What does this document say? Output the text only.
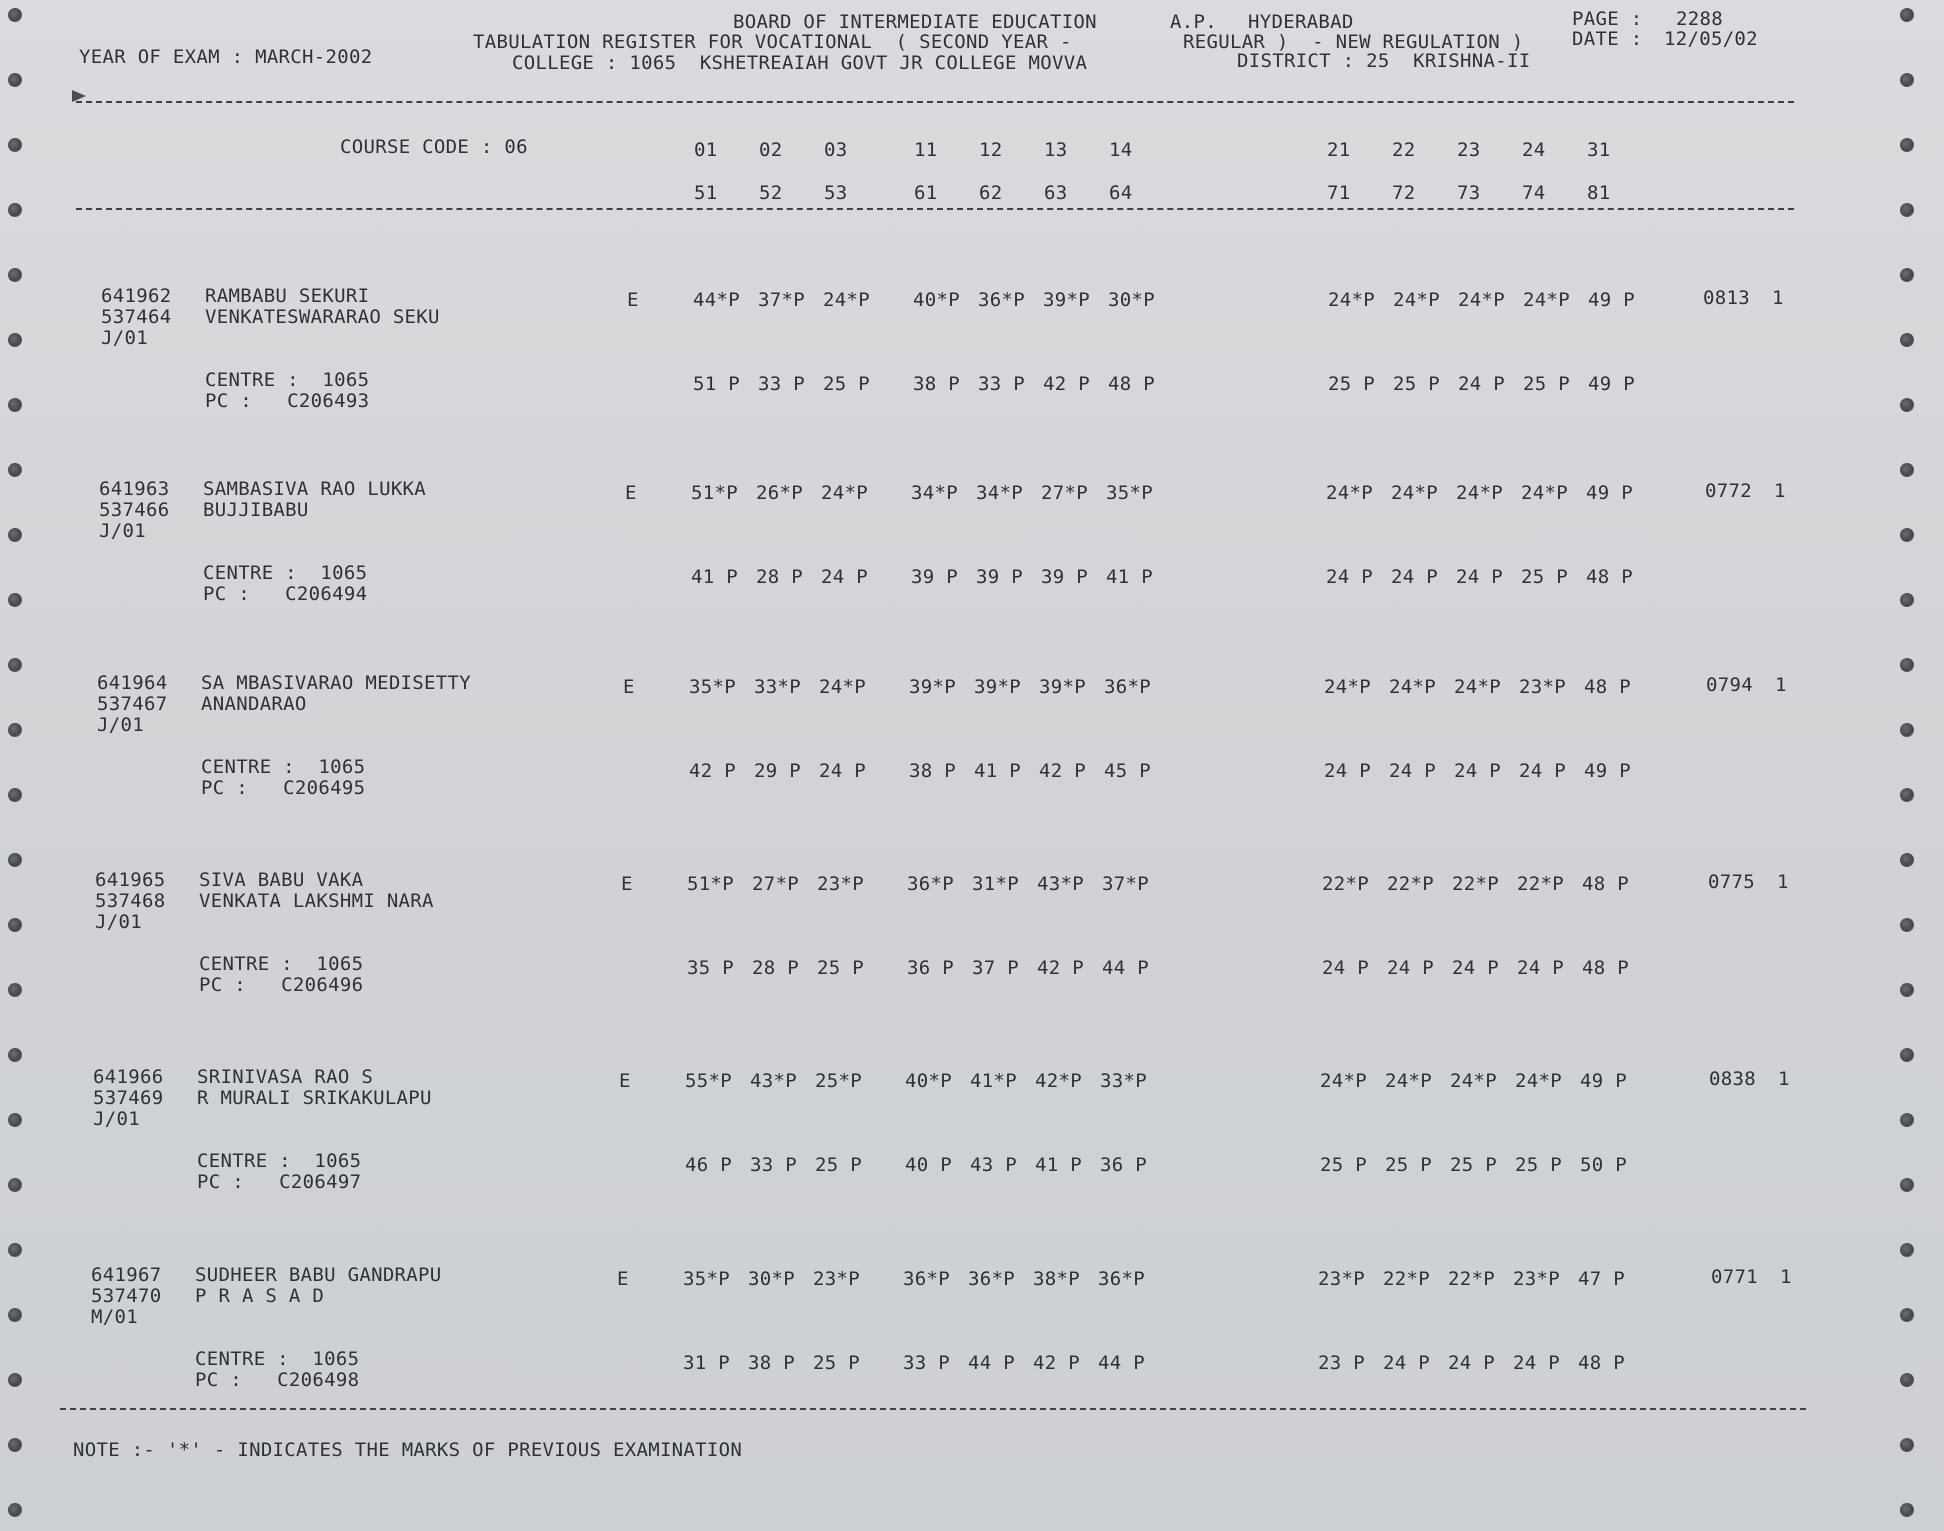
BOARD OF INTERMEDIATE EDUCATION	A.P. HYDERABAD	PAGE : 2288
TABULATION REGISTER FOR VOCATIONAL  ( SECOND YEAR -	REGULAR )  - NEW REGULATION )	DATE : 12/05/02
YEAR OF EXAM : MARCH-2002	COLLEGE : 1065  KSHETREAIAH GOVT JR COLLEGE MOVVA	DISTRICT : 25  KRISHNA-II
COURSE CODE : 06	01 02 03	11 12 13 14	21 22 23 24 31
51 52 53	61 62 63 64	71 72 73 74 81
641962 RAMBABU SEKURI
537464 VENKATESWARARAO SEKU
J/01
E	44*P 37*P 24*P 40*P 36*P 39*P 30*P	24*P 24*P 24*P 24*P 49 P	0813 1
CENTRE :  1065
PC :   C206493
51 P 33 P 25 P 38 P 33 P 42 P 48 P	25 P 25 P 24 P 25 P 49 P
641963 SAMBASIVA RAO LUKKA
537466 BUJJIBABU
J/01
E	51*P 26*P 24*P 34*P 34*P 27*P 35*P	24*P 24*P 24*P 24*P 49 P	0772 1
CENTRE :  1065
PC :   C206494
41 P 28 P 24 P 39 P 39 P 39 P 41 P	24 P 24 P 24 P 25 P 48 P
641964 SA MBASIVARAO MEDISETTY
537467 ANANDARAO
J/01
E	35*P 33*P 24*P 39*P 39*P 39*P 36*P	24*P 24*P 24*P 23*P 48 P	0794 1
CENTRE :  1065
PC :   C206495
42 P 29 P 24 P 38 P 41 P 42 P 45 P	24 P 24 P 24 P 24 P 49 P
641965 SIVA BABU VAKA
537468 VENKATA LAKSHMI NARA
J/01
E	51*P 27*P 23*P 36*P 31*P 43*P 37*P	22*P 22*P 22*P 22*P 48 P	0775 1
CENTRE :  1065
PC :   C206496
35 P 28 P 25 P 36 P 37 P 42 P 44 P	24 P 24 P 24 P 24 P 48 P
641966 SRINIVASA RAO S
537469 R MURALI SRIKAKULAPU
J/01
E	55*P 43*P 25*P 40*P 41*P 42*P 33*P	24*P 24*P 24*P 24*P 49 P	0838 1
CENTRE :  1065
PC :   C206497
46 P 33 P 25 P 40 P 43 P 41 P 36 P	25 P 25 P 25 P 25 P 50 P
641967 SUDHEER BABU GANDRAPU
537470 P R A S A D
M/01
E	35*P 30*P 23*P 36*P 36*P 38*P 36*P	23*P 22*P 22*P 23*P 47 P	0771 1
CENTRE :  1065
PC :   C206498
31 P 38 P 25 P 33 P 44 P 42 P 44 P	23 P 24 P 24 P 24 P 48 P
NOTE :- '*' - INDICATES THE MARKS OF PREVIOUS EXAMINATION
